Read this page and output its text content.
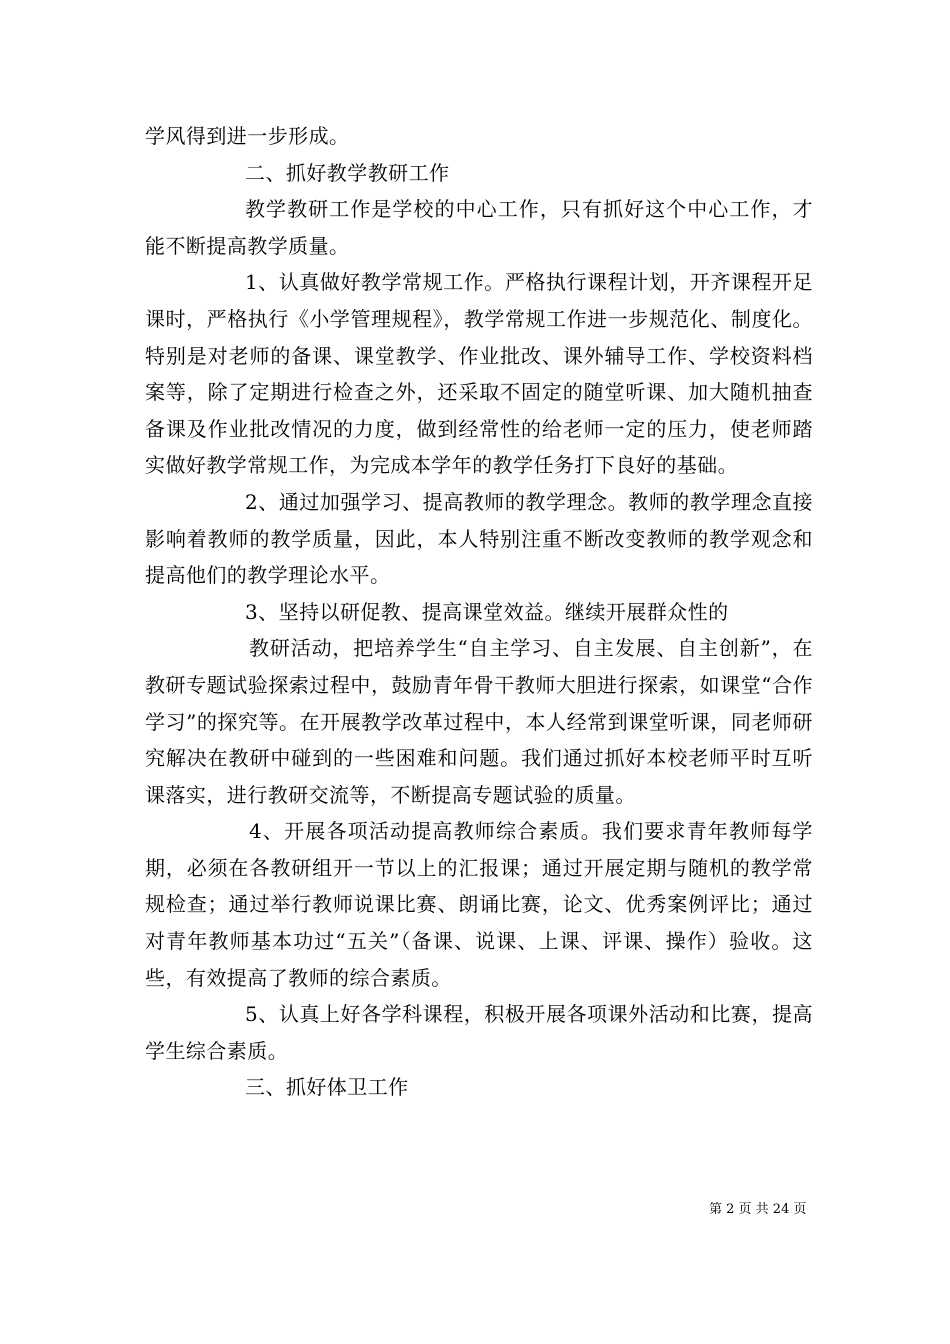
学风得到进一步形成。

二、抓好教学教研工作

教学教研工作是学校的中心工作，只有抓好这个中心工作，才能不断提高教学质量。

1、认真做好教学常规工作。严格执行课程计划，开齐课程开足课时，严格执行《小学管理规程》，教学常规工作进一步规范化、制度化。特别是对老师的备课、课堂教学、作业批改、课外辅导工作、学校资料档案等，除了定期进行检查之外，还采取不固定的随堂听课、加大随机抽查备课及作业批改情况的力度，做到经常性的给老师一定的压力，使老师踏实做好教学常规工作，为完成本学年的教学任务打下良好的基础。

2、通过加强学习、提高教师的教学理念。教师的教学理念直接影响着教师的教学质量，因此，本人特别注重不断改变教师的教学观念和提高他们的教学理论水平。

3、坚持以研促教、提高课堂效益。继续开展群众性的

教研活动，把培养学生“自主学习、自主发展、自主创新”，在教研专题试验探索过程中，鼓励青年骨干教师大胆进行探索，如课堂“合作学习”的探究等。在开展教学改革过程中，本人经常到课堂听课，同老师研究解决在教研中碰到的一些困难和问题。我们通过抓好本校老师平时互听课落实，进行教研交流等，不断提高专题试验的质量。

4、开展各项活动提高教师综合素质。我们要求青年教师每学期，必须在各教研组开一节以上的汇报课；通过开展定期与随机的教学常规检查；通过举行教师说课比赛、朗诵比赛，论文、优秀案例评比；通过对青年教师基本功过“五关”（备课、说课、上课、评课、操作）验收。这些，有效提高了教师的综合素质。

5、认真上好各学科课程，积极开展各项课外活动和比赛，提高学生综合素质。

三、抓好体卫工作

第 2 页 共 24 页
